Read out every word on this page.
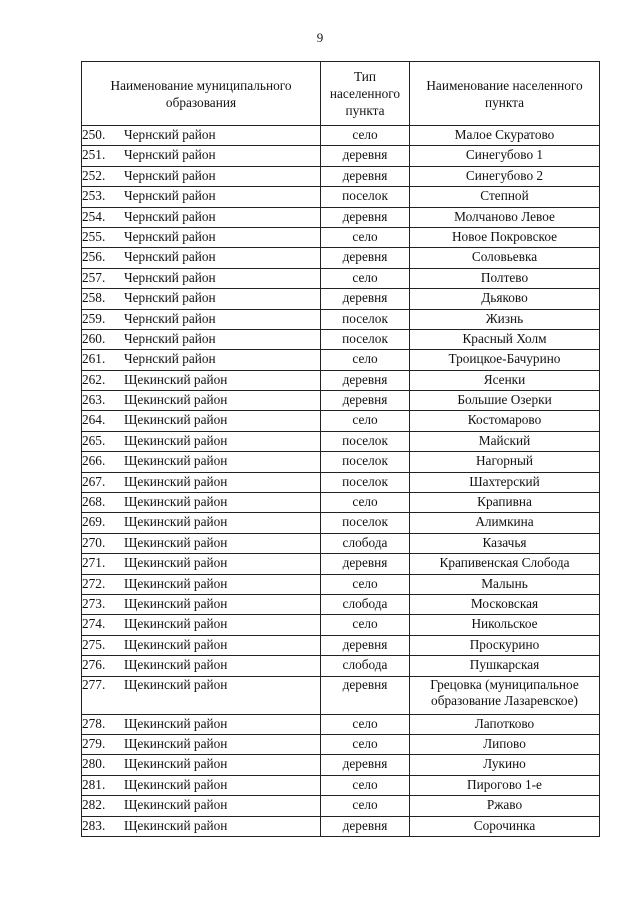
9
Наименование муниципального образования	Тип населенного пункта	Наименование населенного пункта
250. Чернский район	село	Малое Скуратово
251. Чернский район	деревня	Синегубово 1
252. Чернский район	деревня	Синегубово 2
253. Чернский район	поселок	Степной
254. Чернский район	деревня	Молчаново Левое
255. Чернский район	село	Новое Покровское
256. Чернский район	деревня	Соловьевка
257. Чернский район	село	Полтево
258. Чернский район	деревня	Дьяково
259. Чернский район	поселок	Жизнь
260. Чернский район	поселок	Красный Холм
261. Чернский район	село	Троицкое-Бачурино
262. Щекинский район	деревня	Ясенки
263. Щекинский район	деревня	Большие Озерки
264. Щекинский район	село	Костомарово
265. Щекинский район	поселок	Майский
266. Щекинский район	поселок	Нагорный
267. Щекинский район	поселок	Шахтерский
268. Щекинский район	село	Крапивна
269. Щекинский район	поселок	Алимкина
270. Щекинский район	слобода	Казачья
271. Щекинский район	деревня	Крапивенская Слобода
272. Щекинский район	село	Малынь
273. Щекинский район	слобода	Московская
274. Щекинский район	село	Никольское
275. Щекинский район	деревня	Проскурино
276. Щекинский район	слобода	Пушкарская
277. Щекинский район	деревня	Грецовка (муниципальное образование Лазаревское)
278. Щекинский район	село	Лапотково
279. Щекинский район	село	Липово
280. Щекинский район	деревня	Лукино
281. Щекинский район	село	Пирогово 1-е
282. Щекинский район	село	Ржаво
283. Щекинский район	деревня	Сорочинка
